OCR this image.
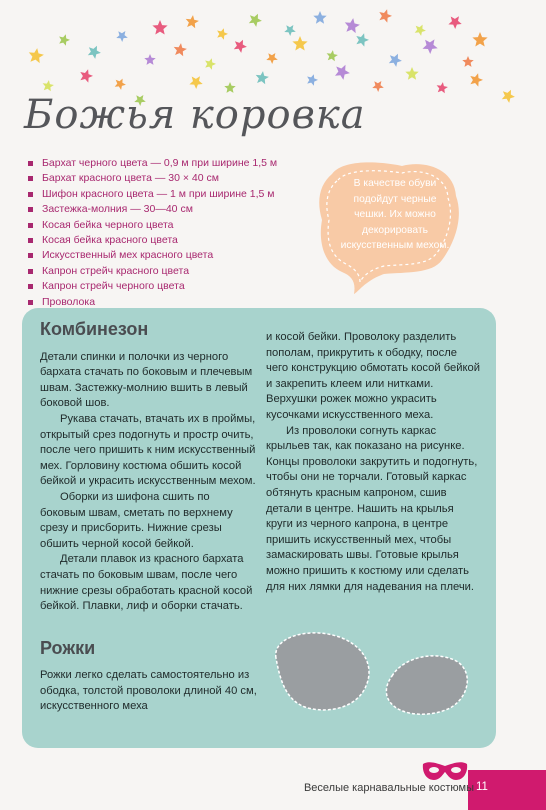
Божья коровка
Бархат черного цвета — 0,9 м при ширине 1,5 м
Бархат красного цвета — 30 × 40 см
Шифон красного цвета — 1 м при ширине 1,5 м
Застежка-молния — 30—40 см
Косая бейка черного цвета
Косая бейка красного цвета
Искусственный мех красного цвета
Капрон стрейч красного цвета
Капрон стрейч черного цвета
Проволока

В качестве обуви подойдут черные чешки. Их можно декорировать искусственным мехом.

Комбинезон

Детали спинки и полочки из черного бархата стачать по боковым и плечевым швам. Застежку-молнию вшить в левый боковой шов.

Рукава стачать, втачать их в проймы, открытый срез подогнуть и простр очить, после чего пришить к ним искусственный мех. Горловину костюма обшить косой бейкой и украсить искусственным мехом.

Оборки из шифона сшить по боковым швам, сметать по верхнему срезу и присборить. Нижние срезы обшить черной косой бейкой.

Детали плавок из красного бархата стачать по боковым швам, после чего нижние срезы обработать красной косой бейкой. Плавки, лиф и оборки стачать.

Рожки

Рожки легко сделать самостоятельно из ободка, толстой проволоки длиной 40 см, искусственного меха

и косой бейки. Проволоку разделить пополам, прикрутить к ободку, после чего конструкцию обмотать косой бейкой и закрепить клеем или нитками. Верхушки рожек можно украсить кусочками искусственного меха.

Из проволоки согнуть каркас крыльев так, как показано на рисунке. Концы проволоки закрутить и подогнуть, чтобы они не торчали. Готовый каркас обтянуть красным капроном, сшив детали в центре. Нашить на крылья круги из черного капрона, в центре пришить искусственный мех, чтобы замаскировать швы. Готовые крылья можно пришить к костюму или сделать для них лямки для надевания на плечи.

Веселые карнавальные костюмы 11
